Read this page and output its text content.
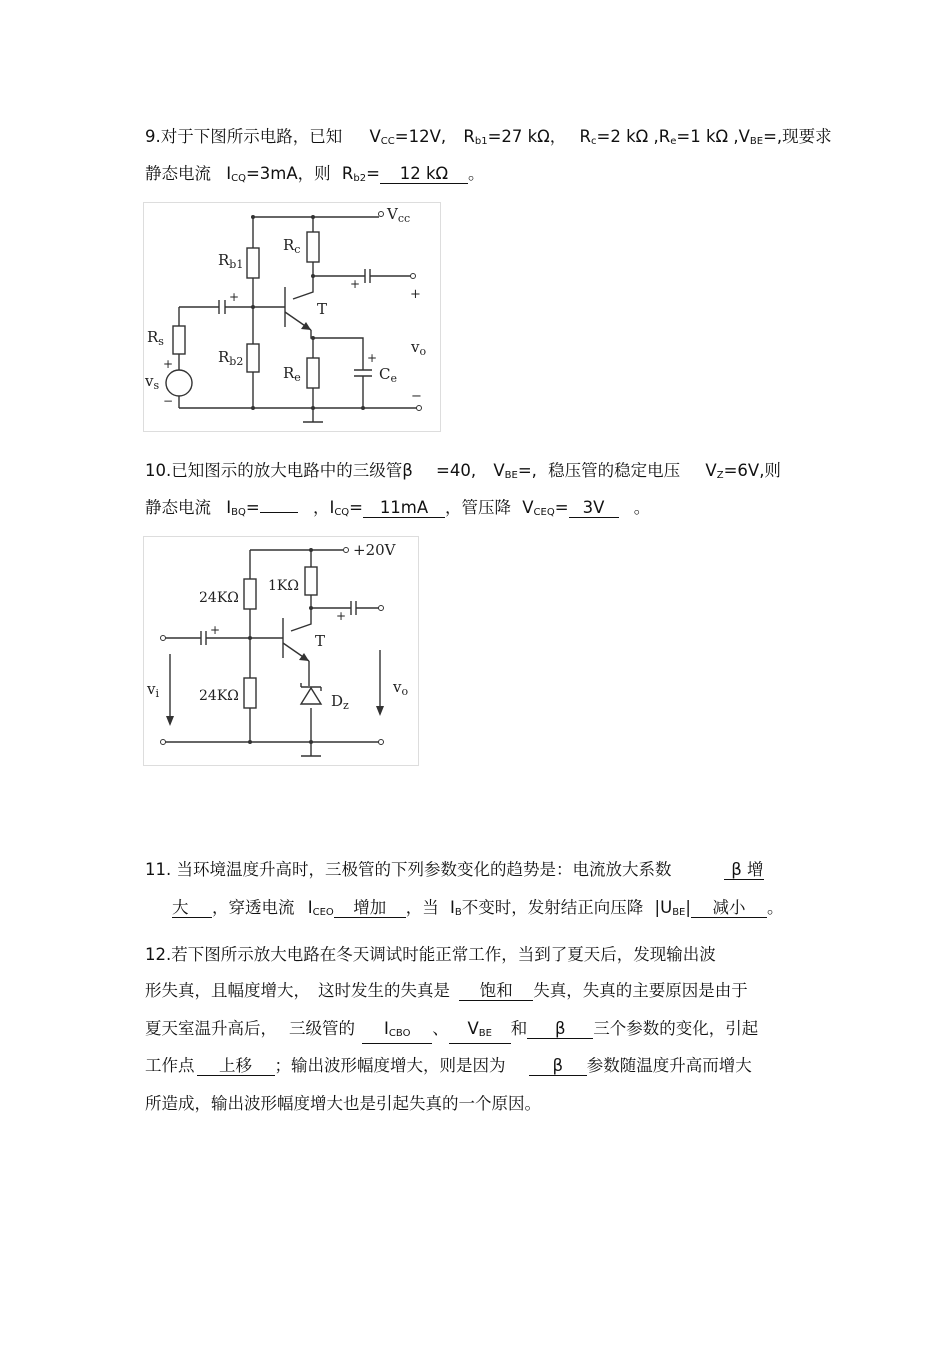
9.对于下图所示电路，已知 $V_{CC}=12V$, $R_{b1}=27$ kΩ， $R_c=2$ kΩ $,R_e=1$ kΩ $,V_{BE}=$,现要求
静态电流 $I_{CQ}=3mA$，则 $R_{b2}= 12$ kΩ 。
$V_{cc}$
$R_{b1}$
$R_c$
+
+
T
$R_e$
+
$C_e$
+
$R_s$
+
−
$v_s$
$R_{b2}$
−
$v_o$
10.已知图示的放大电路中的三级管β =40, $V_{BE}=$, 稳压管的稳定电压 $V_Z=6V$,则
静态电流 $I_{BQ}=$	，$I_{CQ}= 11mA$ ，管压降 $V_{CEQ}= 3V$ 。
+20V
24KΩ
1KΩ
+
T
+
24KΩ	$D_z$
$v_i$	$v_o$
11. 当环境温度升高时，三极管的下列参数变化的趋势是：电流放大系数	β 增
大 ，穿透电流 $I_{CEO}$ 增加 ，当 $I_B$不变时，发射结正向压降 $|U_{BE}|$ 减小 。
12.若下图所示放大电路在冬天调试时能正常工作，当到了夏天后，发现输出波
形失真，且幅度增大， 这时发生的失真是 饱和 失真，失真的主要原因是由于
夏天室温升高后， 三级管的 $I_{CBO}$ 、 $V_{BE}$ 和 β 三个参数的变化，引起
工作点 上移 ；输出波形幅度增大，则是因为	β 参数随温度升高而增大
所造成，输出波形幅度增大也是引起失真的一个原因。
